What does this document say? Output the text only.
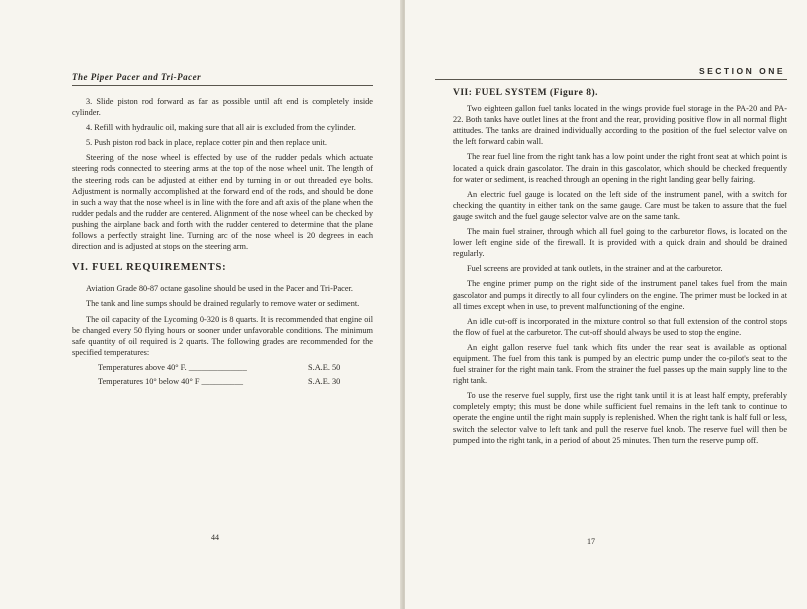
The Piper Pacer and Tri-Pacer

3. Slide piston rod forward as far as possible until aft end is completely inside cylinder.

4. Refill with hydraulic oil, making sure that all air is excluded from the cylinder.

5. Push piston rod back in place, replace cotter pin and then replace unit.

Steering of the nose wheel is effected by use of the rudder pedals which actuate steering rods connected to steering arms at the top of the nose wheel unit. The length of the steering rods can be adjusted at either end by turning in or out threaded eye bolts. Adjustment is normally accomplished at the forward end of the rods, and should be done in such a way that the nose wheel is in line with the fore and aft axis of the plane when the rudder pedals and the rudder are centered. Alignment of the nose wheel can be checked by pushing the airplane back and forth with the rudder centered to determine that the plane follows a perfectly straight line. Turning arc of the nose wheel is 20 degrees in each direction and is adjusted at stops on the steering arm.

VI. FUEL REQUIREMENTS:

Aviation Grade 80-87 octane gasoline should be used in the Pacer and Tri-Pacer.

The tank and line sumps should be drained regularly to remove water or sediment.

The oil capacity of the Lycoming 0-320 is 8 quarts. It is recommended that engine oil be changed every 50 flying hours or sooner under unfavorable conditions. The minimum safe quantity of oil required is 2 quarts. The following grades are recommended for the specified temperatures:

Temperatures above 40° F. ______________	S.A.E. 50
Temperatures 10° below 40° F __________	S.A.E. 30
44
SECTION ONE
VII: FUEL SYSTEM (Figure 8).

Two eighteen gallon fuel tanks located in the wings provide fuel storage in the PA-20 and PA-22. Both tanks have outlet lines at the front and the rear, providing positive flow in all normal flight attitudes. The tanks are drained individually according to the position of the fuel selector valve on the left forward cabin wall.

The rear fuel line from the right tank has a low point under the right front seat at which point is located a quick drain gascolator. The drain in this gascolator, which should be checked frequently for water or sediment, is reached through an opening in the right landing gear belly fairing.

An electric fuel gauge is located on the left side of the instrument panel, with a switch for checking the quantity in either tank on the same gauge. Care must be taken to assure that the fuel gauge switch and the fuel gauge selector valve are on the same tank.

The main fuel strainer, through which all fuel going to the carburetor flows, is located on the lower left engine side of the firewall. It is provided with a quick drain and should be drained regularly.

Fuel screens are provided at tank outlets, in the strainer and at the carburetor.

The engine primer pump on the right side of the instrument panel takes fuel from the main gascolator and pumps it directly to all four cylinders on the engine. The primer must be locked in at all times except when in use, to prevent malfunctioning of the engine.

An idle cut-off is incorporated in the mixture control so that full extension of the control stops the flow of fuel at the carburetor. The cut-off should always be used to stop the engine.

An eight gallon reserve fuel tank which fits under the rear seat is available as optional equipment. The fuel from this tank is pumped by an electric pump under the co-pilot's seat to the fuel strainer for the right main tank. From the strainer the fuel passes up the main supply line to the right tank.

To use the reserve fuel supply, first use the right tank until it is at least half empty, preferably completely empty; this must be done while sufficient fuel remains in the left tank to continue to operate the engine until the right main supply is replenished. When the right tank is half full or less, switch the selector valve to left tank and pull the reserve fuel knob. The reserve fuel will then be pumped into the right tank, in a period of about 25 minutes. Then turn the reserve pump off.

17
